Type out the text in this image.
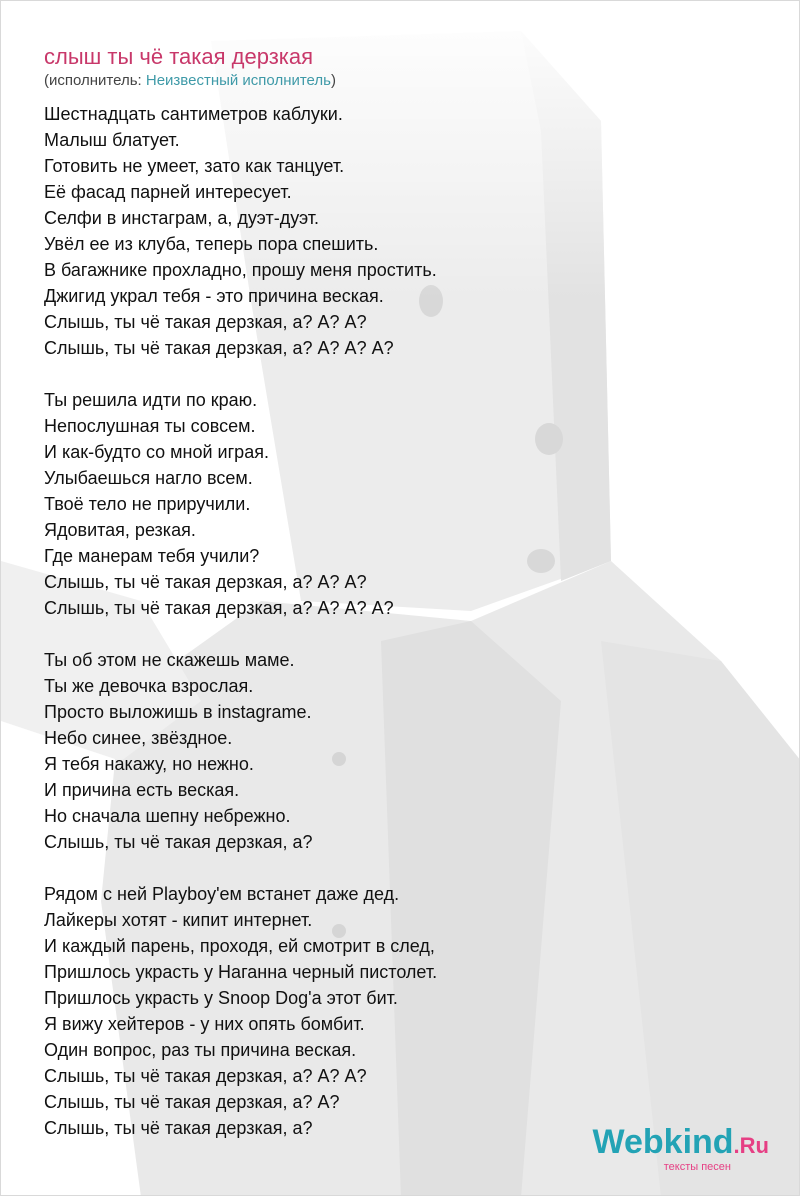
слыш ты чё такая дерзкая
(исполнитель: Неизвестный исполнитель)
Шестнадцать сантиметров каблуки.
Малыш блатует.
Готовить не умеет, зато как танцует.
Её фасад парней интересует.
Селфи в инстаграм, а, дуэт-дуэт.
Увёл ее из клуба, теперь пора спешить.
В багажнике прохладно, прошу меня простить.
Джигид украл тебя - это причина веская.
Слышь, ты чё такая дерзкая, а? А? А?
Слышь, ты чё такая дерзкая, а? А? А? А?
Ты решила идти по краю.
Непослушная ты совсем.
И как-будто со мной играя.
Улыбаешься нагло всем.
Твоё тело не приручили.
Ядовитая, резкая.
Где манерам тебя учили?
Слышь, ты чё такая дерзкая, а? А? А?
Слышь, ты чё такая дерзкая, а? А? А? А?
Ты об этом не скажешь маме.
Ты же девочка взрослая.
Просто выложишь в instagrame.
Небо синее, звёздное.
Я тебя накажу, но нежно.
И причина есть веская.
Но сначала шепну небрежно.
Слышь, ты чё такая дерзкая, а?
Рядом с ней Playboy'ем встанет даже дед.
Лайкеры хотят - кипит интернет.
И каждый парень, проходя, ей смотрит в след,
Пришлось украсть у Наганна черный пистолет.
Пришлось украсть у Snoop Dog'a этот бит.
Я вижу хейтеров - у них опять бомбит.
Один вопрос, раз ты причина веская.
Слышь, ты чё такая дерзкая, а? А? А?
Слышь, ты чё такая дерзкая, а? А?
Слышь, ты чё такая дерзкая, а?	Webkind.Ru
тексты песен
